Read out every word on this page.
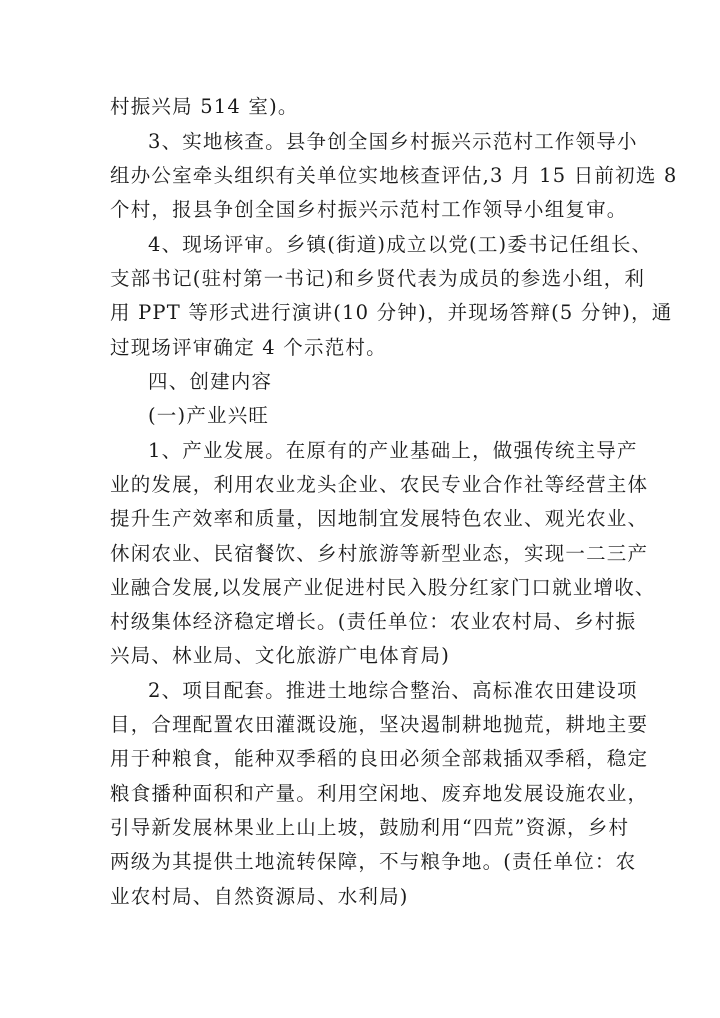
村振兴局 514 室)。
3、实地核查。县争创全国乡村振兴示范村工作领导小
组办公室牵头组织有关单位实地核查评估,3 月 15 日前初选 8
个村，报县争创全国乡村振兴示范村工作领导小组复审。
4、现场评审。乡镇(街道)成立以党(工)委书记任组长、
支部书记(驻村第一书记)和乡贤代表为成员的参选小组，利
用 PPT 等形式进行演讲(10 分钟)，并现场答辩(5 分钟)，通
过现场评审确定 4 个示范村。
四、创建内容
(一)产业兴旺
1、产业发展。在原有的产业基础上，做强传统主导产
业的发展，利用农业龙头企业、农民专业合作社等经营主体
提升生产效率和质量，因地制宜发展特色农业、观光农业、
休闲农业、民宿餐饮、乡村旅游等新型业态，实现一二三产
业融合发展,以发展产业促进村民入股分红家门口就业增收、
村级集体经济稳定增长。(责任单位：农业农村局、乡村振
兴局、林业局、文化旅游广电体育局)
2、项目配套。推进土地综合整治、高标准农田建设项
目，合理配置农田灌溉设施，坚决遏制耕地抛荒，耕地主要
用于种粮食，能种双季稻的良田必须全部栽插双季稻，稳定
粮食播种面积和产量。利用空闲地、废弃地发展设施农业，
引导新发展林果业上山上坡，鼓励利用“四荒”资源，乡村
两级为其提供土地流转保障，不与粮争地。(责任单位：农
业农村局、自然资源局、水利局)
